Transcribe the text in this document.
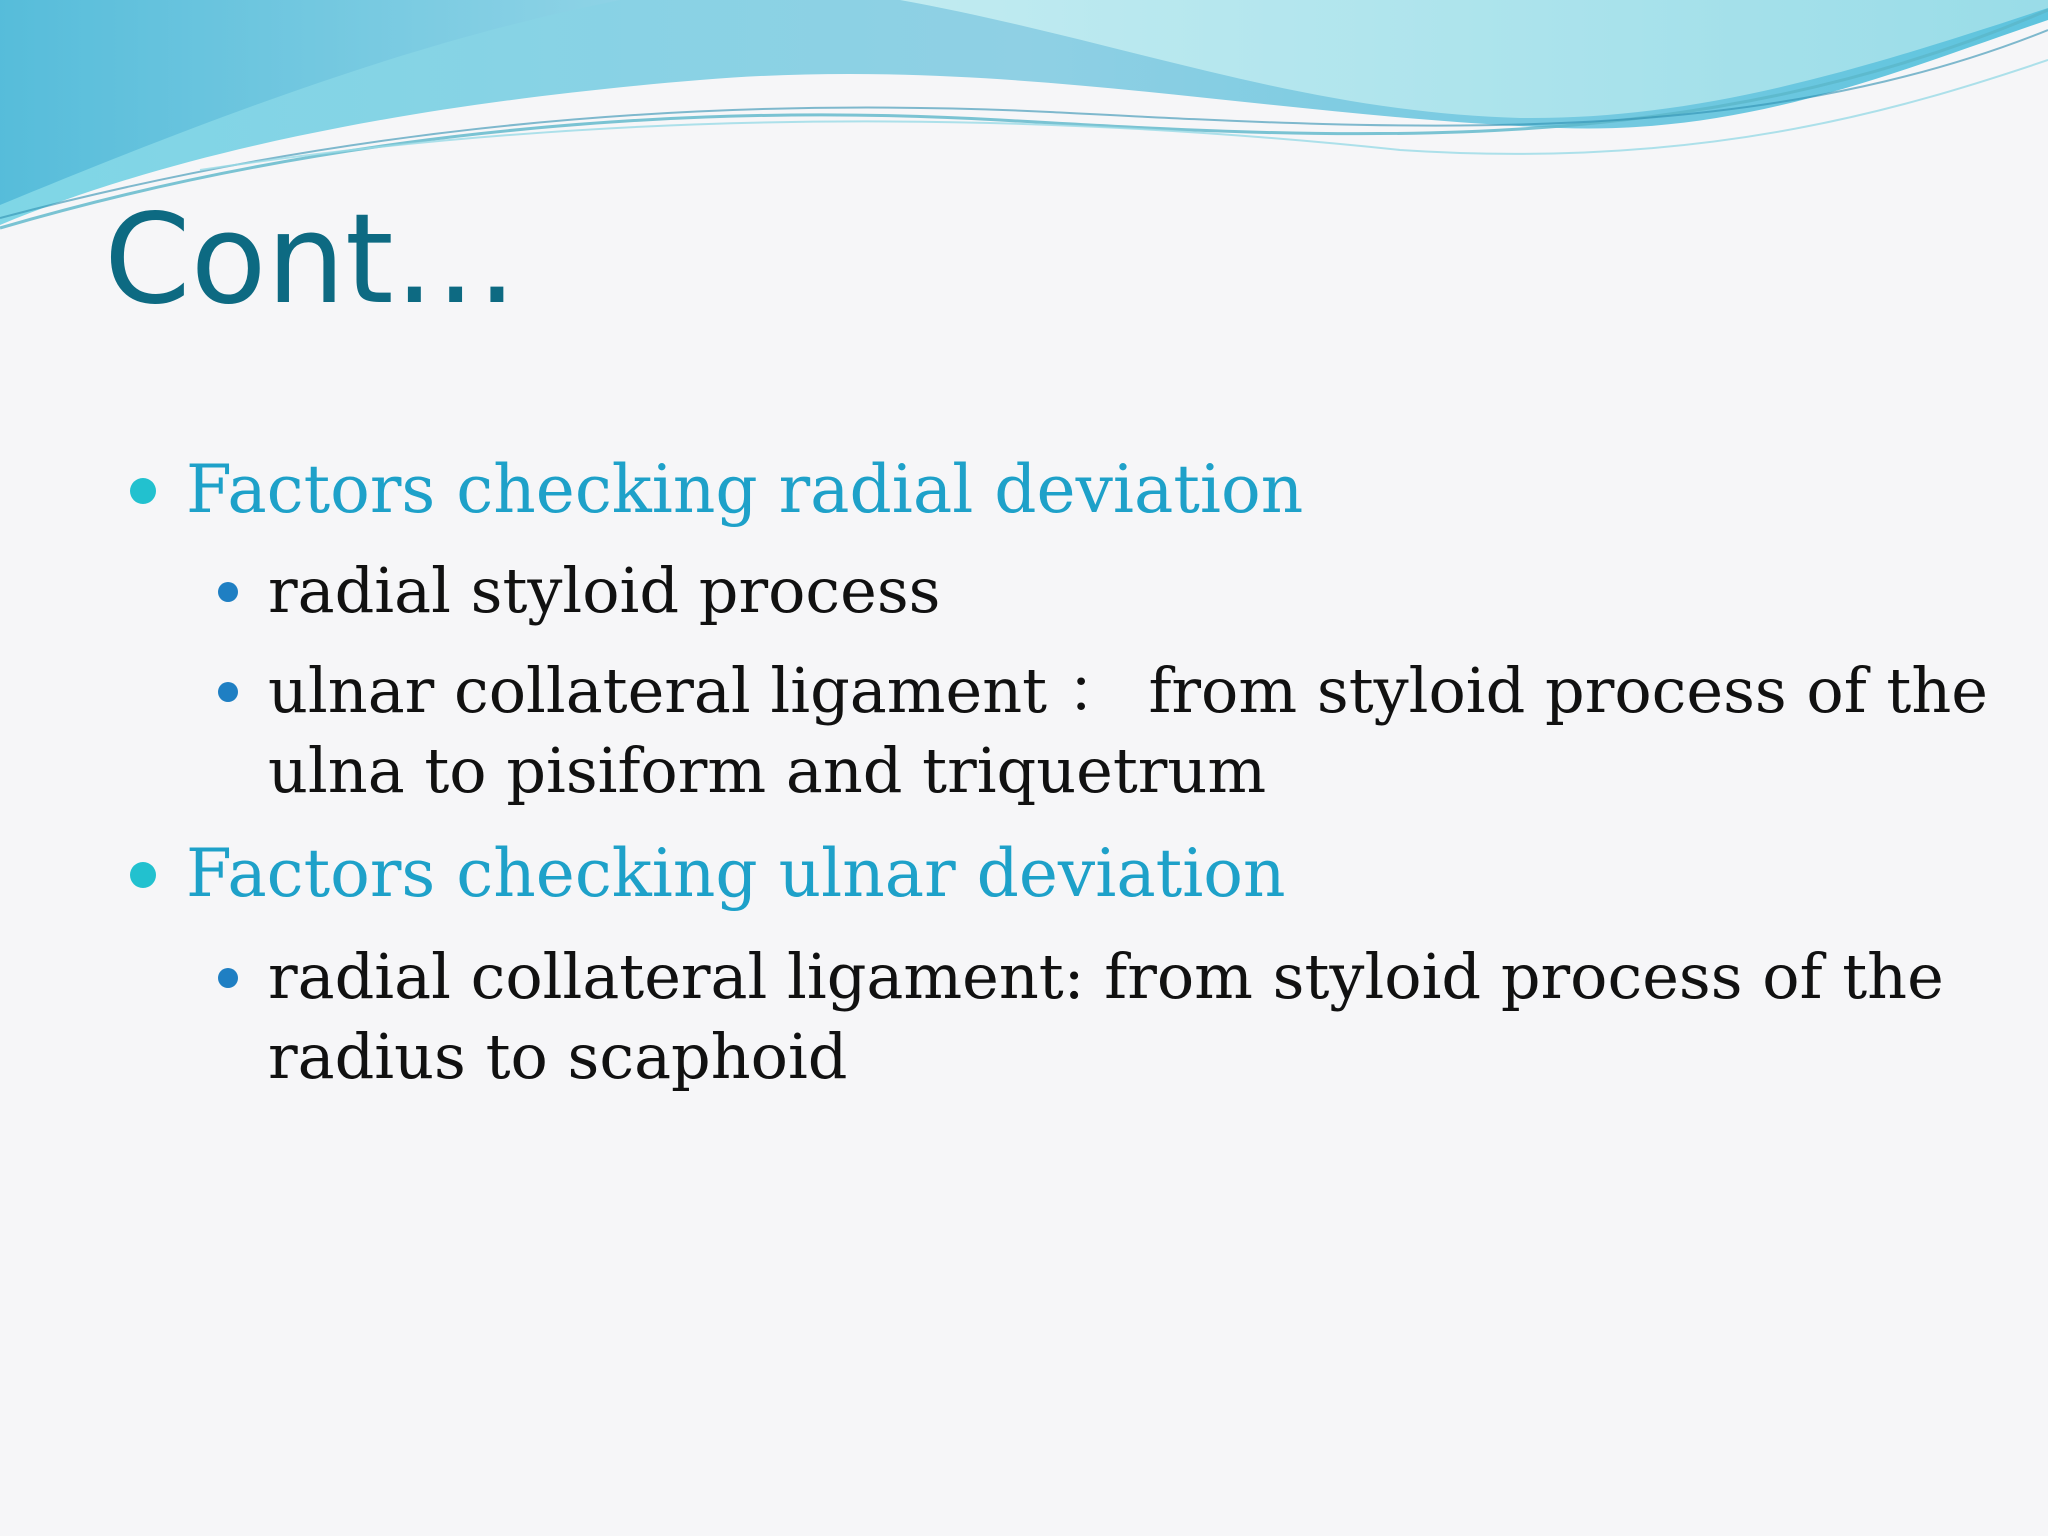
Cont…
Factors checking radial deviation
radial styloid process
ulnar collateral ligament ： from styloid process of the
ulna to pisiform and triquetrum
Factors checking ulnar deviation
radial collateral ligament: from styloid process of the
radius to scaphoid
